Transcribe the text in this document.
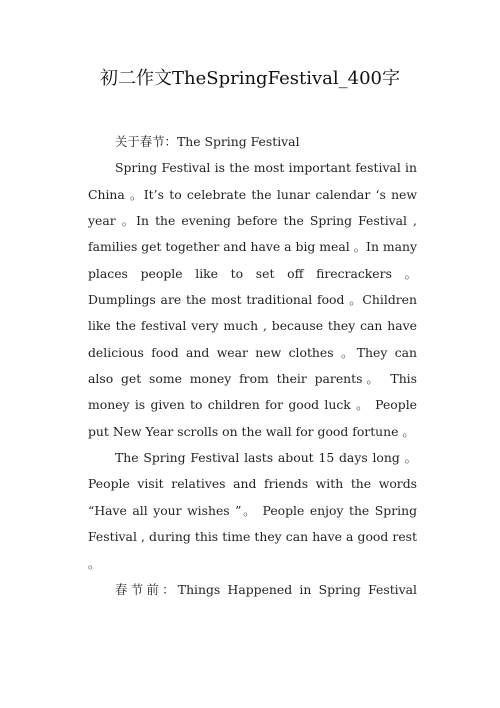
初二作文TheSpringFestival_400字

关于春节：The Spring Festival

Spring Festival is the most important festival in China 。It’s to celebrate the lunar calendar ‘s new year 。In the evening before the Spring Festival , families get together and have a big meal 。In many places people like to set off firecrackers 。Dumplings are the most traditional food 。Children like the festival very much , because they can have delicious food and wear new clothes 。They can also get some money from their parents。 This money is given to children for good luck 。 People put New Year scrolls on the wall for good fortune 。

The Spring Festival lasts about 15 days long 。People visit relatives and friends with the words “Have all your wishes ”。 People enjoy the Spring Festival , during this time they can have a good rest 。

春节前：Things Happened in Spring Festival
